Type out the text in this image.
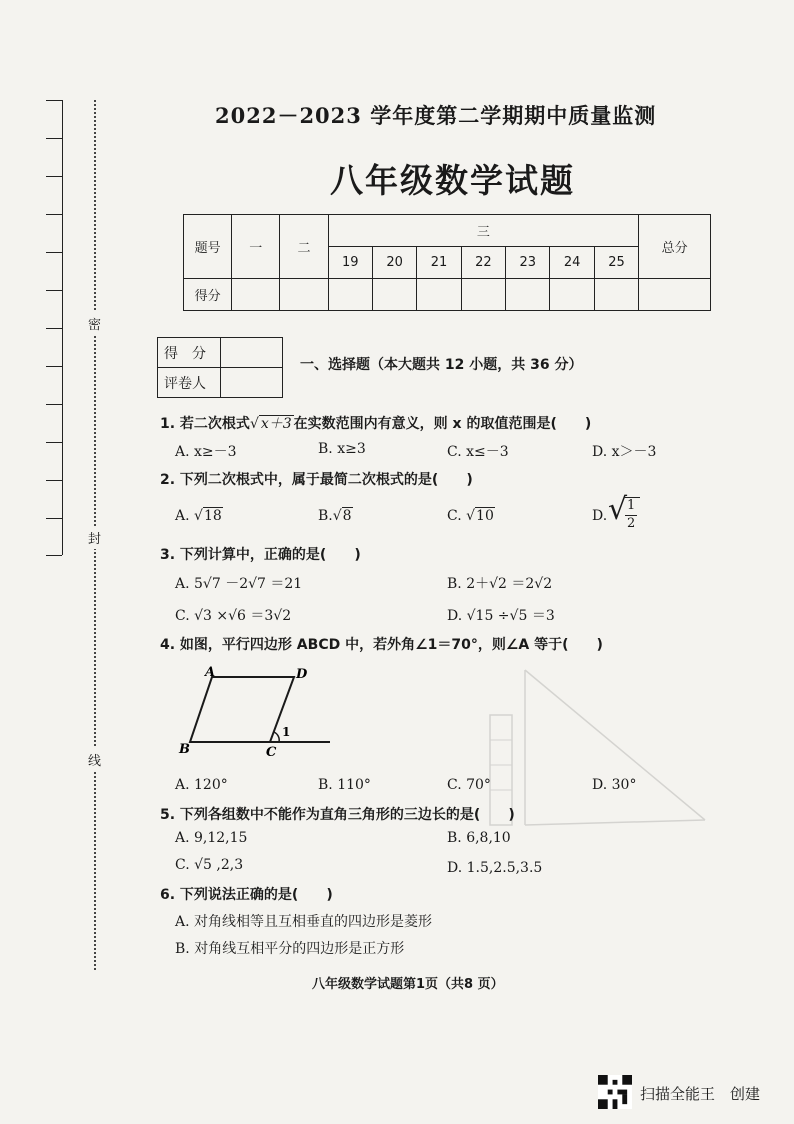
密
封
线
2022－2023 学年度第二学期期中质量监测
八年级数学试题
题号	一	二	三							总分
			19	20	21	22	23	24	25	
得分										
得　分	
评卷人	
一、选择题（本大题共 12 小题，共 36 分）
1. 若二次根式√ x＋3 在实数范围内有意义，则 x 的取值范围是(　　)
A. x≥－3	B. x≥3	C. x≤－3	D. x＞－3
2. 下列二次根式中，属于最简二次根式的是(　　)
A. √18	B.√8	C. √10	D. √ 1
2
3. 下列计算中，正确的是(　　)
A. 5√7 －2√7 ＝21	B. 2＋√2 ＝2√2
C. √3 ×√6 ＝3√2	D. √15 ÷√5 ＝3
4. 如图，平行四边形 ABCD 中，若外角∠1＝70°，则∠A 等于(　　)
A	D
B	C
1
A. 120°	B. 110°	C. 70°	D. 30°
5. 下列各组数中不能作为直角三角形的三边长的是(　　)
A. 9,12,15	B. 6,8,10
C. √5 ,2,3	D. 1.5,2.5,3.5
6. 下列说法正确的是(　　)
A. 对角线相等且互相垂直的四边形是菱形
B. 对角线互相平分的四边形是正方形
八年级数学试题第1页（共8 页）
扫描全能王　创建
